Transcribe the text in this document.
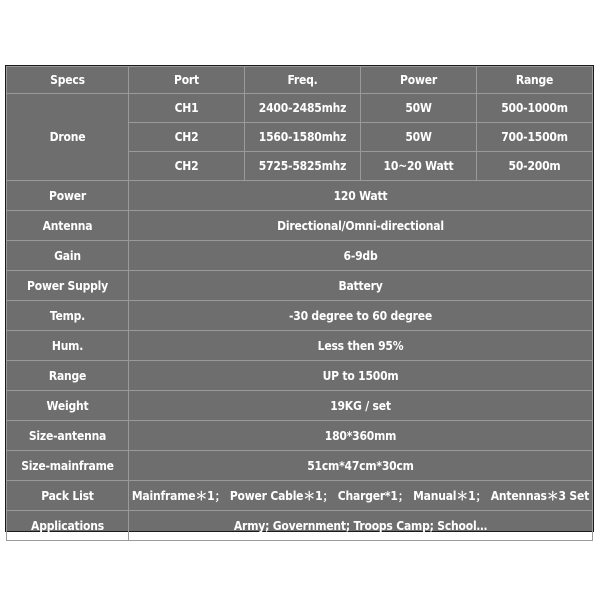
Specs	Port	Freq.	Power	Range
Drone	CH1	2400-2485mhz	50W	500-1000m
	CH2	1560-1580mhz	50W	700-1500m
	CH2	5725-5825mhz	10~20 Watt	50-200m
Power	120 Watt			
Antenna	Directional/Omni-directional			
Gain	6-9db			
Power Supply	Battery			
Temp.	-30 degree to 60 degree			
Hum.	Less then 95%			
Range	UP to 1500m			
Weight	19KG / set			
Size-antenna	180*360mm			
Size-mainframe	51cm*47cm*30cm			
Pack List	Mainframe＊1； Power Cable＊1； Charger*1； Manual＊1； Antennas＊3 Set			
Applications	Army; Government; Troops Camp; School…			
